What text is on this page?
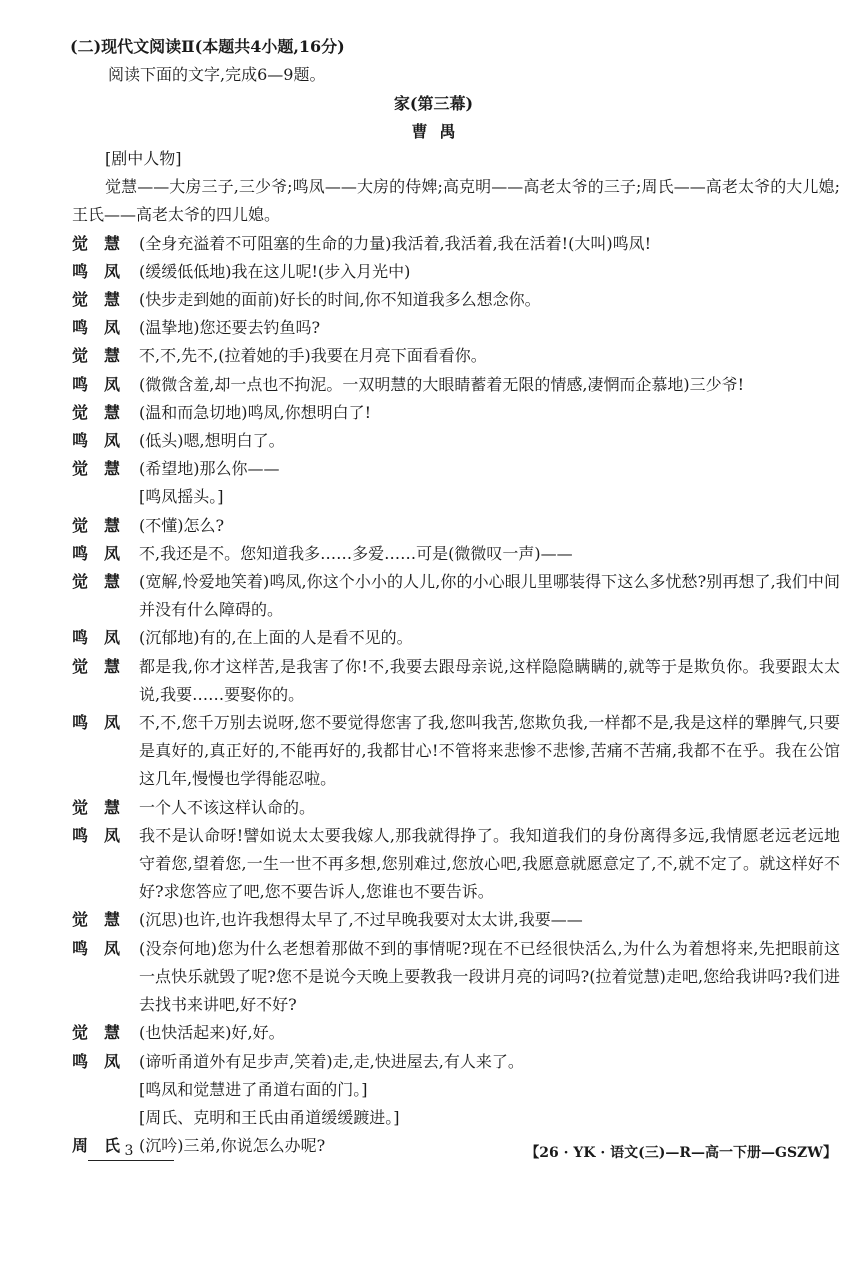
(二)现代文阅读Ⅱ(本题共4小题,16分)
阅读下面的文字,完成6—9题。
家(第三幕)
曹禺
[剧中人物]
觉慧——大房三子,三少爷;鸣凤——大房的侍婢;高克明——高老太爷的三子;周氏——高老太爷的大儿媳;王氏——高老太爷的四儿媳。
觉　慧	(全身充溢着不可阻塞的生命的力量)我活着,我活着,我在活着!(大叫)鸣凤!
鸣　凤	(缓缓低低地)我在这儿呢!(步入月光中)
觉　慧	(快步走到她的面前)好长的时间,你不知道我多么想念你。
鸣　凤	(温挚地)您还要去钓鱼吗?
觉　慧	不,不,先不,(拉着她的手)我要在月亮下面看看你。
鸣　凤	(微微含羞,却一点也不拘泥。一双明慧的大眼睛蓄着无限的情感,凄惘而企慕地)三少爷!
觉　慧	(温和而急切地)鸣凤,你想明白了!
鸣　凤	(低头)嗯,想明白了。
觉　慧	(希望地)那么你——
[鸣凤摇头。]
觉　慧	(不懂)怎么?
鸣　凤	不,我还是不。您知道我多……多爱……可是(微微叹一声)——
觉　慧	(宽解,怜爱地笑着)鸣凤,你这个小小的人儿,你的小心眼儿里哪装得下这么多忧愁?别再想了,我们中间并没有什么障碍的。
鸣　凤	(沉郁地)有的,在上面的人是看不见的。
觉　慧	都是我,你才这样苦,是我害了你!不,我要去跟母亲说,这样隐隐瞒瞒的,就等于是欺负你。我要跟太太说,我要……要娶你的。
鸣　凤	不,不,您千万别去说呀,您不要觉得您害了我,您叫我苦,您欺负我,一样都不是,我是这样的犟脾气,只要是真好的,真正好的,不能再好的,我都甘心!不管将来悲惨不悲惨,苦痛不苦痛,我都不在乎。我在公馆这几年,慢慢也学得能忍啦。
觉　慧	一个人不该这样认命的。
鸣　凤	我不是认命呀!譬如说太太要我嫁人,那我就得挣了。我知道我们的身份离得多远,我情愿老远老远地守着您,望着您,一生一世不再多想,您别难过,您放心吧,我愿意就愿意定了,不,就不定了。就这样好不好?求您答应了吧,您不要告诉人,您谁也不要告诉。
觉　慧	(沉思)也许,也许我想得太早了,不过早晚我要对太太讲,我要——
鸣　凤	(没奈何地)您为什么老想着那做不到的事情呢?现在不已经很快活么,为什么为着想将来,先把眼前这一点快乐就毁了呢?您不是说今天晚上要教我一段讲月亮的词吗?(拉着觉慧)走吧,您给我讲吗?我们进去找书来讲吧,好不好?
觉　慧	(也快活起来)好,好。
鸣　凤	(谛听甬道外有足步声,笑着)走,走,快进屋去,有人来了。
[鸣凤和觉慧进了甬道右面的门。]
[周氏、克明和王氏由甬道缓缓踱进。]
周　氏	(沉吟)三弟,你说怎么办呢?
· 3 ·	【26 · YK · 语文(三)—R—高一下册—GSZW】
